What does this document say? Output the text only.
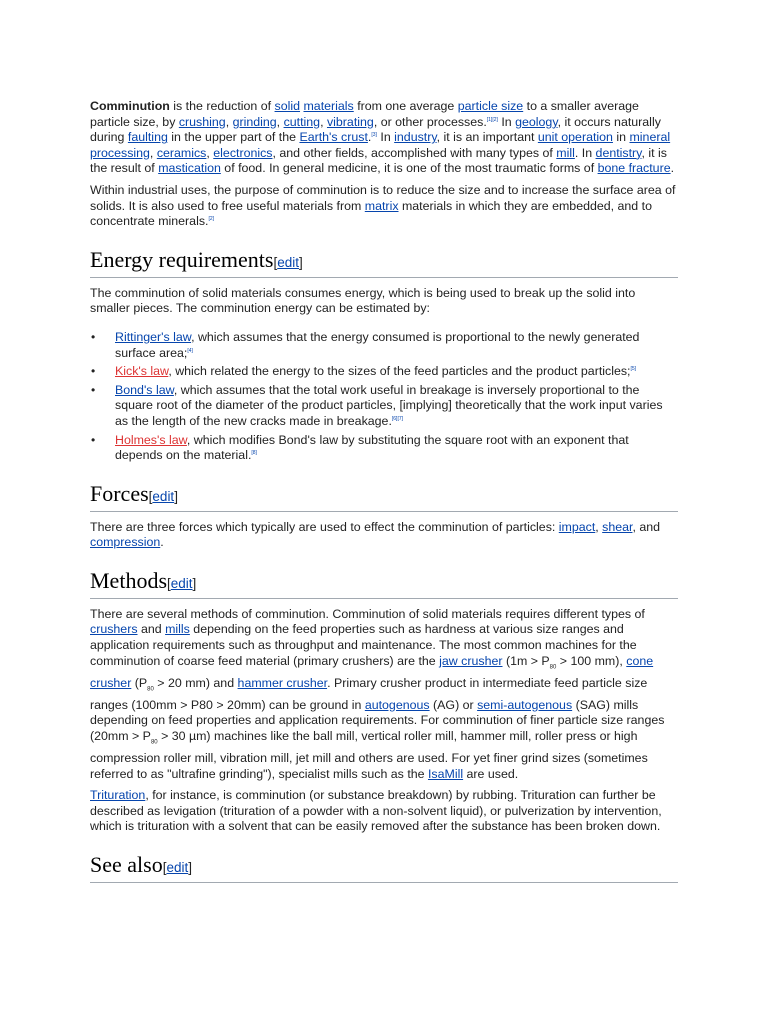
Comminution is the reduction of solid materials from one average particle size to a smaller average particle size, by crushing, grinding, cutting, vibrating, or other processes.[1][2] In geology, it occurs naturally during faulting in the upper part of the Earth's crust.[3] In industry, it is an important unit operation in mineral processing, ceramics, electronics, and other fields, accomplished with many types of mill. In dentistry, it is the result of mastication of food. In general medicine, it is one of the most traumatic forms of bone fracture.

Within industrial uses, the purpose of comminution is to reduce the size and to increase the surface area of solids. It is also used to free useful materials from matrix materials in which they are embedded, and to concentrate minerals.[2]

Energy requirements[edit]

The comminution of solid materials consumes energy, which is being used to break up the solid into smaller pieces. The comminution energy can be estimated by:

• Rittinger's law, which assumes that the energy consumed is proportional to the newly generated surface area;[4]
• Kick's law, which related the energy to the sizes of the feed particles and the product particles;[5]
• Bond's law, which assumes that the total work useful in breakage is inversely proportional to the square root of the diameter of the product particles, [implying] theoretically that the work input varies as the length of the new cracks made in breakage.[6][7]
• Holmes's law, which modifies Bond's law by substituting the square root with an exponent that depends on the material.[8]
Forces[edit]

There are three forces which typically are used to effect the comminution of particles: impact, shear, and compression.

Methods[edit]

There are several methods of comminution. Comminution of solid materials requires different types of crushers and mills depending on the feed properties such as hardness at various size ranges and application requirements such as throughput and maintenance. The most common machines for the comminution of coarse feed material (primary crushers) are the jaw crusher ($1m > P_{80} > 100$ mm), cone crusher ($P_{80} > 20$ mm) and hammer crusher. Primary crusher product in intermediate feed particle size ranges (100mm > P80 > 20mm) can be ground in autogenous (AG) or semi-autogenous (SAG) mills depending on feed properties and application requirements. For comminution of finer particle size ranges ($20mm > P_{80} > 30$ µm) machines like the ball mill, vertical roller mill, hammer mill, roller press or high compression roller mill, vibration mill, jet mill and others are used. For yet finer grind sizes (sometimes referred to as "ultrafine grinding"), specialist mills such as the IsaMill are used.

Trituration, for instance, is comminution (or substance breakdown) by rubbing. Trituration can further be described as levigation (trituration of a powder with a non-solvent liquid), or pulverization by intervention, which is trituration with a solvent that can be easily removed after the substance has been broken down.

See also[edit]
